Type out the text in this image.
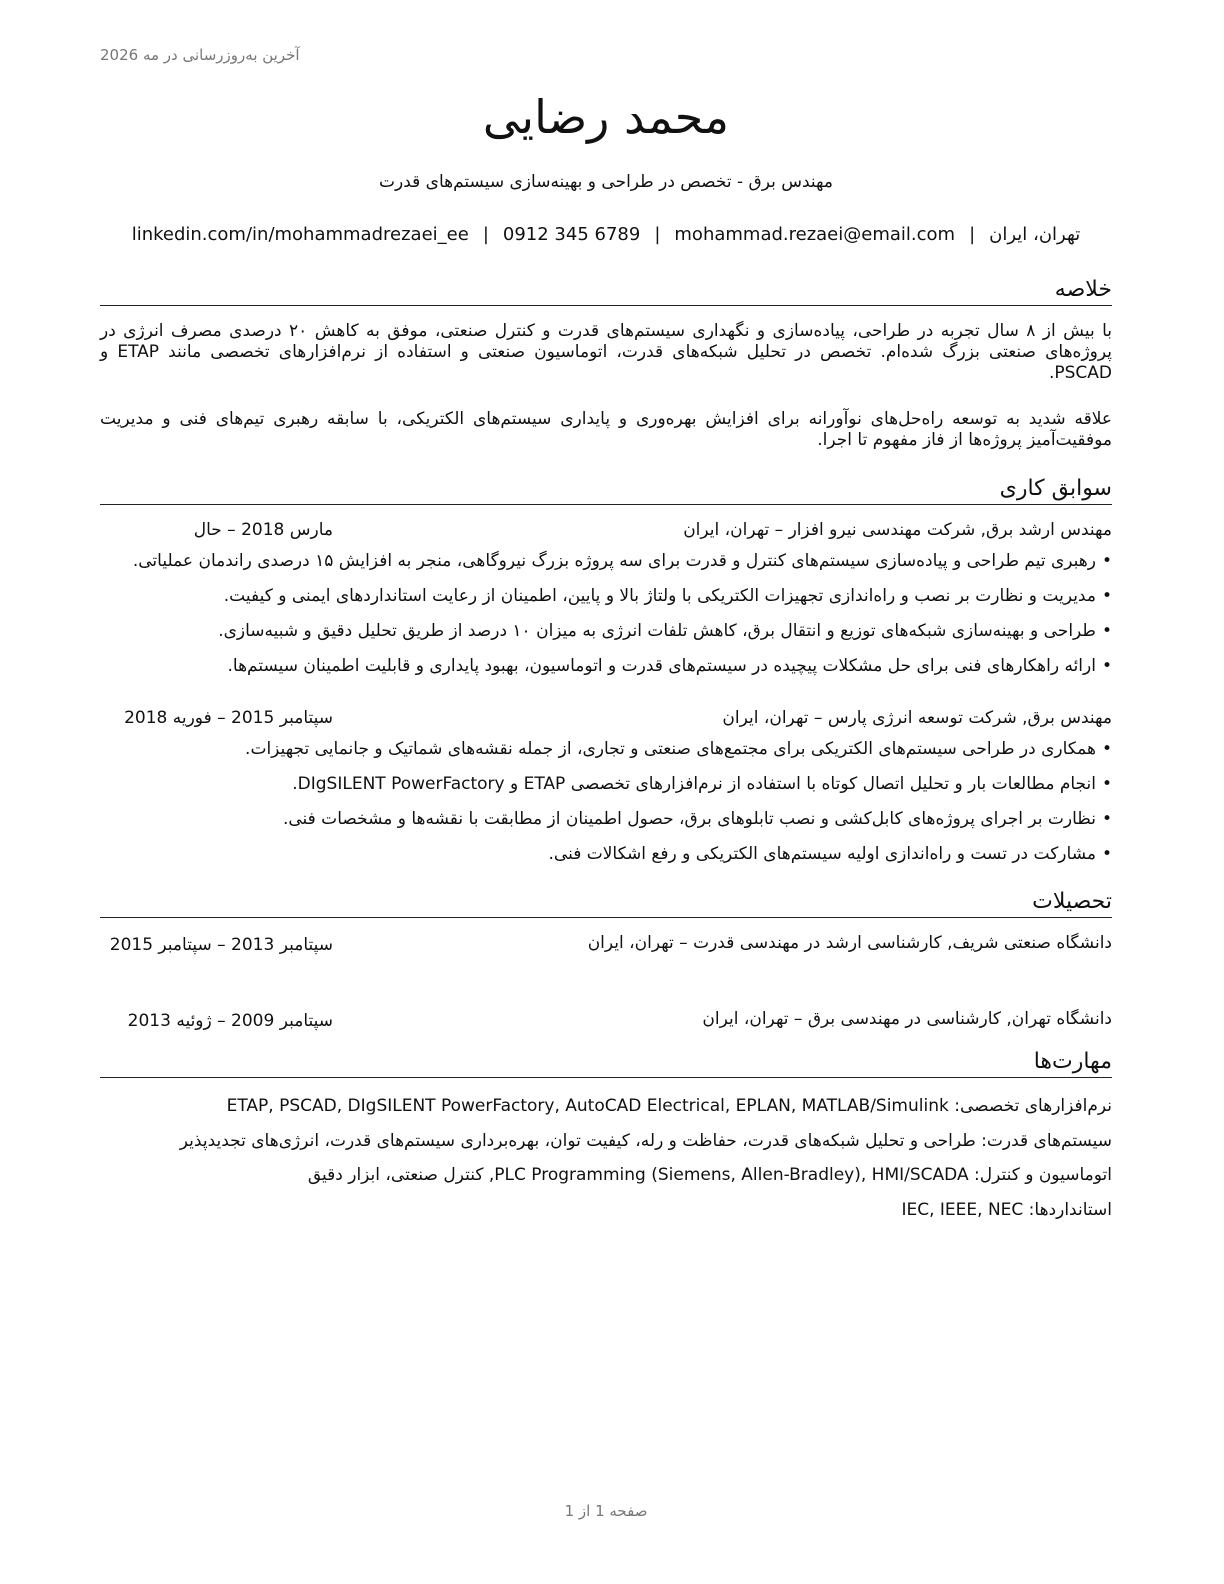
آخرین به‌روزرسانی در مه 2026
محمد رضایی
مهندس برق - تخصص در طراحی و بهینه‌سازی سیستم‌های قدرت
تهران، ایران|mohammad.rezaei@email.com|0912 345 6789|linkedin.com/in/mohammadrezaei_ee
خلاصه
با بیش از ۸ سال تجربه در طراحی، پیاده‌سازی و نگهداری سیستم‌های قدرت و کنترل صنعتی، موفق به کاهش ۲۰ درصدی مصرف انرژی در پروژه‌های صنعتی بزرگ شده‌ام. تخصص در تحلیل شبکه‌های قدرت، اتوماسیون صنعتی و استفاده از نرم‌افزارهای تخصصی مانند ETAP و PSCAD.
علاقه شدید به توسعه راه‌حل‌های نوآورانه برای افزایش بهره‌وری و پایداری سیستم‌های الکتریکی، با سابقه رهبری تیم‌های فنی و مدیریت موفقیت‌آمیز پروژه‌ها از فاز مفهوم تا اجرا.
سوابق کاری
مهندس ارشد برق, شرکت مهندسی نیرو افزار – تهران، ایران
مارس 2018 – حال
•رهبری تیم طراحی و پیاده‌سازی سیستم‌های کنترل و قدرت برای سه پروژه بزرگ نیروگاهی، منجر به افزایش ۱۵ درصدی راندمان عملیاتی.
•مدیریت و نظارت بر نصب و راه‌اندازی تجهیزات الکتریکی با ولتاژ بالا و پایین، اطمینان از رعایت استانداردهای ایمنی و کیفیت.
•طراحی و بهینه‌سازی شبکه‌های توزیع و انتقال برق، کاهش تلفات انرژی به میزان ۱۰ درصد از طریق تحلیل دقیق و شبیه‌سازی.
•ارائه راهکارهای فنی برای حل مشکلات پیچیده در سیستم‌های قدرت و اتوماسیون، بهبود پایداری و قابلیت اطمینان سیستم‌ها.
مهندس برق, شرکت توسعه انرژی پارس – تهران، ایران
سپتامبر 2015 – فوریه 2018
•همکاری در طراحی سیستم‌های الکتریکی برای مجتمع‌های صنعتی و تجاری، از جمله نقشه‌های شماتیک و جانمایی تجهیزات.
•انجام مطالعات بار و تحلیل اتصال کوتاه با استفاده از نرم‌افزارهای تخصصی ETAP و DIgSILENT PowerFactory.
•نظارت بر اجرای پروژه‌های کابل‌کشی و نصب تابلوهای برق، حصول اطمینان از مطابقت با نقشه‌ها و مشخصات فنی.
•مشارکت در تست و راه‌اندازی اولیه سیستم‌های الکتریکی و رفع اشکالات فنی.
تحصیلات
دانشگاه صنعتی شریف, کارشناسی ارشد در مهندسی قدرت – تهران، ایران
سپتامبر 2013 – سپتامبر 2015
دانشگاه تهران, کارشناسی در مهندسی برق – تهران، ایران
سپتامبر 2009 – ژوئیه 2013
مهارت‌ها
نرم‌افزارهای تخصصی: ETAP, PSCAD, DIgSILENT PowerFactory, AutoCAD Electrical, EPLAN, MATLAB/Simulink
سیستم‌های قدرت: طراحی و تحلیل شبکه‌های قدرت، حفاظت و رله، کیفیت توان، بهره‌برداری سیستم‌های قدرت، انرژی‌های تجدیدپذیر
اتوماسیون و کنترل: PLC Programming (Siemens, Allen-Bradley), HMI/SCADA, کنترل صنعتی، ابزار دقیق
استانداردها: IEC, IEEE, NEC
صفحه 1 از 1
